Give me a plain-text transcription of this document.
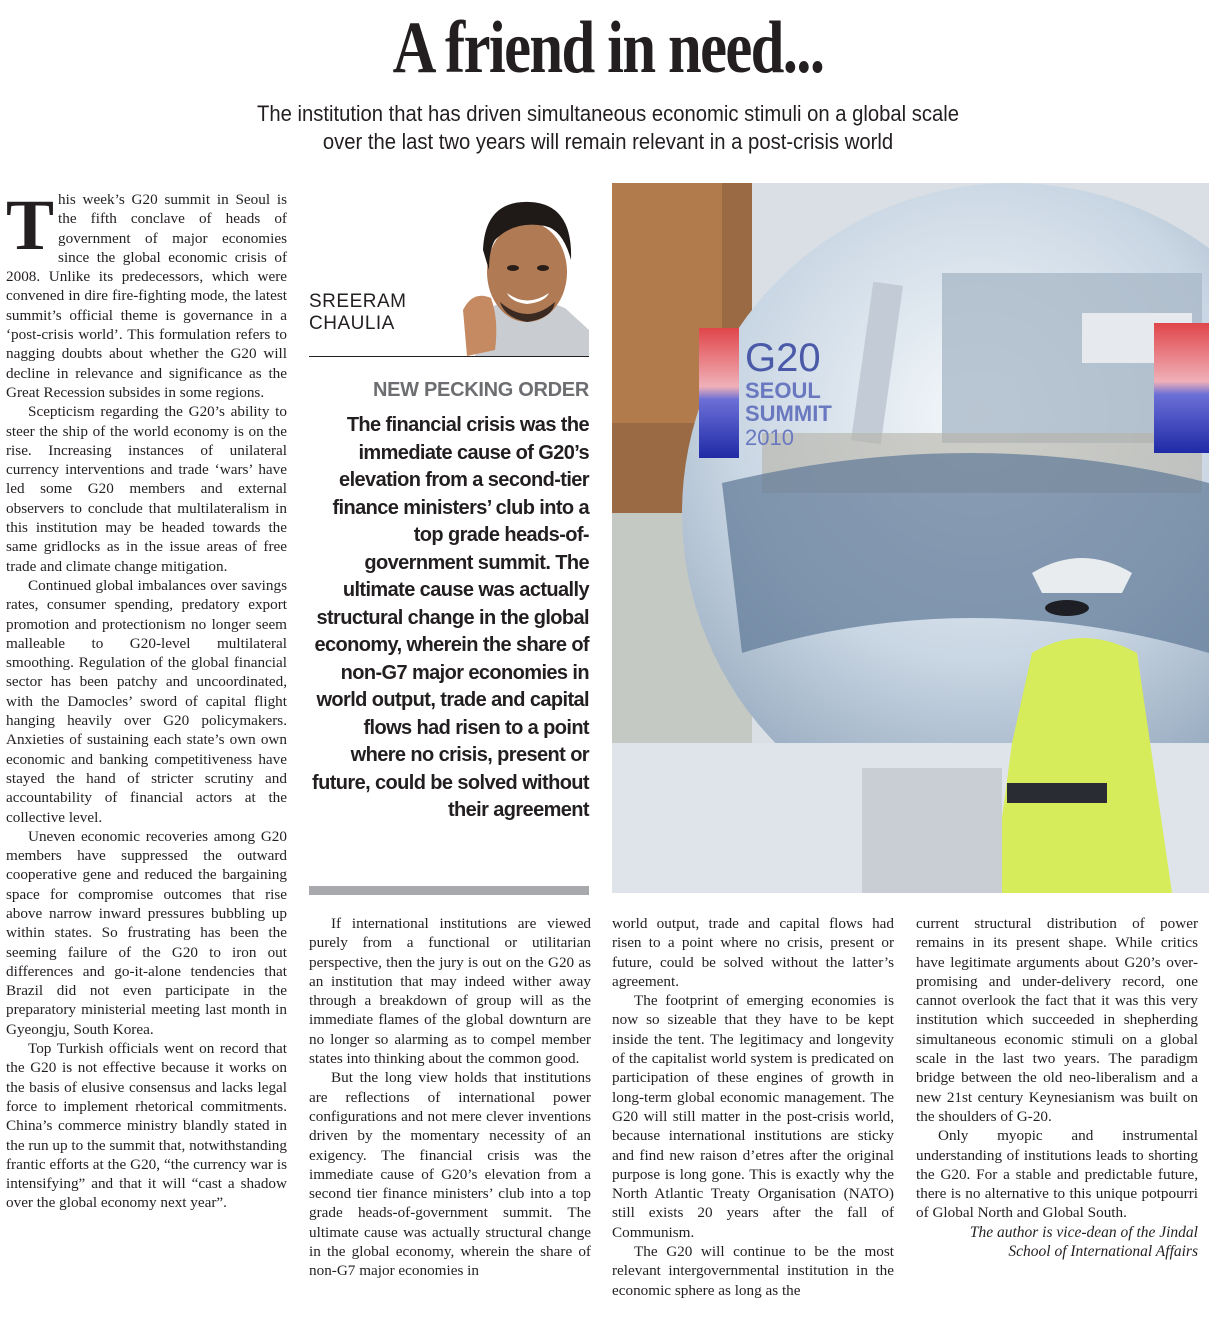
A friend in need...
The institution that has driven simultaneous economic stimuli on a global scale
over the last two years will remain relevant in a post-crisis world

This week’s G20 summit in Seoul is the fifth conclave of heads of government of major economies since the global economic crisis of 2008. Unlike its predecessors, which were convened in dire fire-fighting mode, the latest summit’s official theme is governance in a ‘post-crisis world’. This formulation refers to nagging doubts about whether the G20 will decline in relevance and significance as the Great Recession subsides in some regions.

Scepticism regarding the G20’s ability to steer the ship of the world economy is on the rise. Increasing instances of unilateral currency interventions and trade ‘wars’ have led some G20 members and external observers to conclude that multilateralism in this institution may be headed towards the same gridlocks as in the issue areas of free trade and climate change mitigation.

Continued global imbalances over savings rates, consumer spending, predatory export promotion and protectionism no longer seem malleable to G20-level multilateral smoothing. Regulation of the global financial sector has been patchy and uncoordinated, with the Damocles’ sword of capital flight hanging heavily over G20 policymakers. Anxieties of sustaining each state’s own own economic and banking competitiveness have stayed the hand of stricter scrutiny and accountability of financial actors at the collective level.

Uneven economic recoveries among G20 members have suppressed the outward cooperative gene and reduced the bargaining space for compromise outcomes that rise above narrow inward pressures bubbling up within states. So frustrating has been the seeming failure of the G20 to iron out differences and go-it-alone tendencies that Brazil did not even participate in the preparatory ministerial meeting last month in Gyeongju, South Korea.

Top Turkish officials went on record that the G20 is not effective because it works on the basis of elusive consensus and lacks legal force to implement rhetorical commitments. China’s commerce ministry blandly stated in the run up to the summit that, notwithstanding frantic efforts at the G20, “the currency war is intensifying” and that it will “cast a shadow over the global economy next year”.

SREERAM
CHAULIA
NEW PECKING ORDER
The financial crisis was the immediate cause of G20’s elevation from a second-tier finance ministers’ club into a top grade heads-of-government summit. The ultimate cause was actually structural change in the global economy, wherein the share of non-G7 major economies in world output, trade and capital flows had risen to a point where no crisis, present or future, could be solved without their agreement
G20
SEOUL
SUMMIT
2010

If international institutions are viewed purely from a functional or utilitarian perspective, then the jury is out on the G20 as an institution that may indeed wither away through a breakdown of group will as the immediate flames of the global downturn are no longer so alarming as to compel member states into thinking about the common good.

But the long view holds that institutions are reflections of international power configurations and not mere clever inventions driven by the momentary necessity of an exigency. The financial crisis was the immediate cause of G20’s elevation from a second tier finance ministers’ club into a top grade heads-of-government summit. The ultimate cause was actually structural change in the global economy, wherein the share of non-G7 major economies in

world output, trade and capital flows had risen to a point where no crisis, present or future, could be solved without the latter’s agreement.

The footprint of emerging economies is now so sizeable that they have to be kept inside the tent. The legitimacy and longevity of the capitalist world system is predicated on participation of these engines of growth in long-term global economic management. The G20 will still matter in the post-crisis world, because international institutions are sticky and find new raison d’etres after the original purpose is long gone. This is exactly why the North Atlantic Treaty Organisation (NATO) still exists 20 years after the fall of Communism.

The G20 will continue to be the most relevant intergovernmental institution in the economic sphere as long as the

current structural distribution of power remains in its present shape. While critics have legitimate arguments about G20’s over-promising and under-delivery record, one cannot overlook the fact that it was this very institution which succeeded in shepherding simultaneous economic stimuli on a global scale in the last two years. The paradigm bridge between the old neo-liberalism and a new 21st century Keynesianism was built on the shoulders of G-20.

Only myopic and instrumental understanding of institutions leads to shorting the G20. For a stable and predictable future, there is no alternative to this unique potpourri of Global North and Global South.

The author is vice-dean of the Jindal
School of International Affairs
